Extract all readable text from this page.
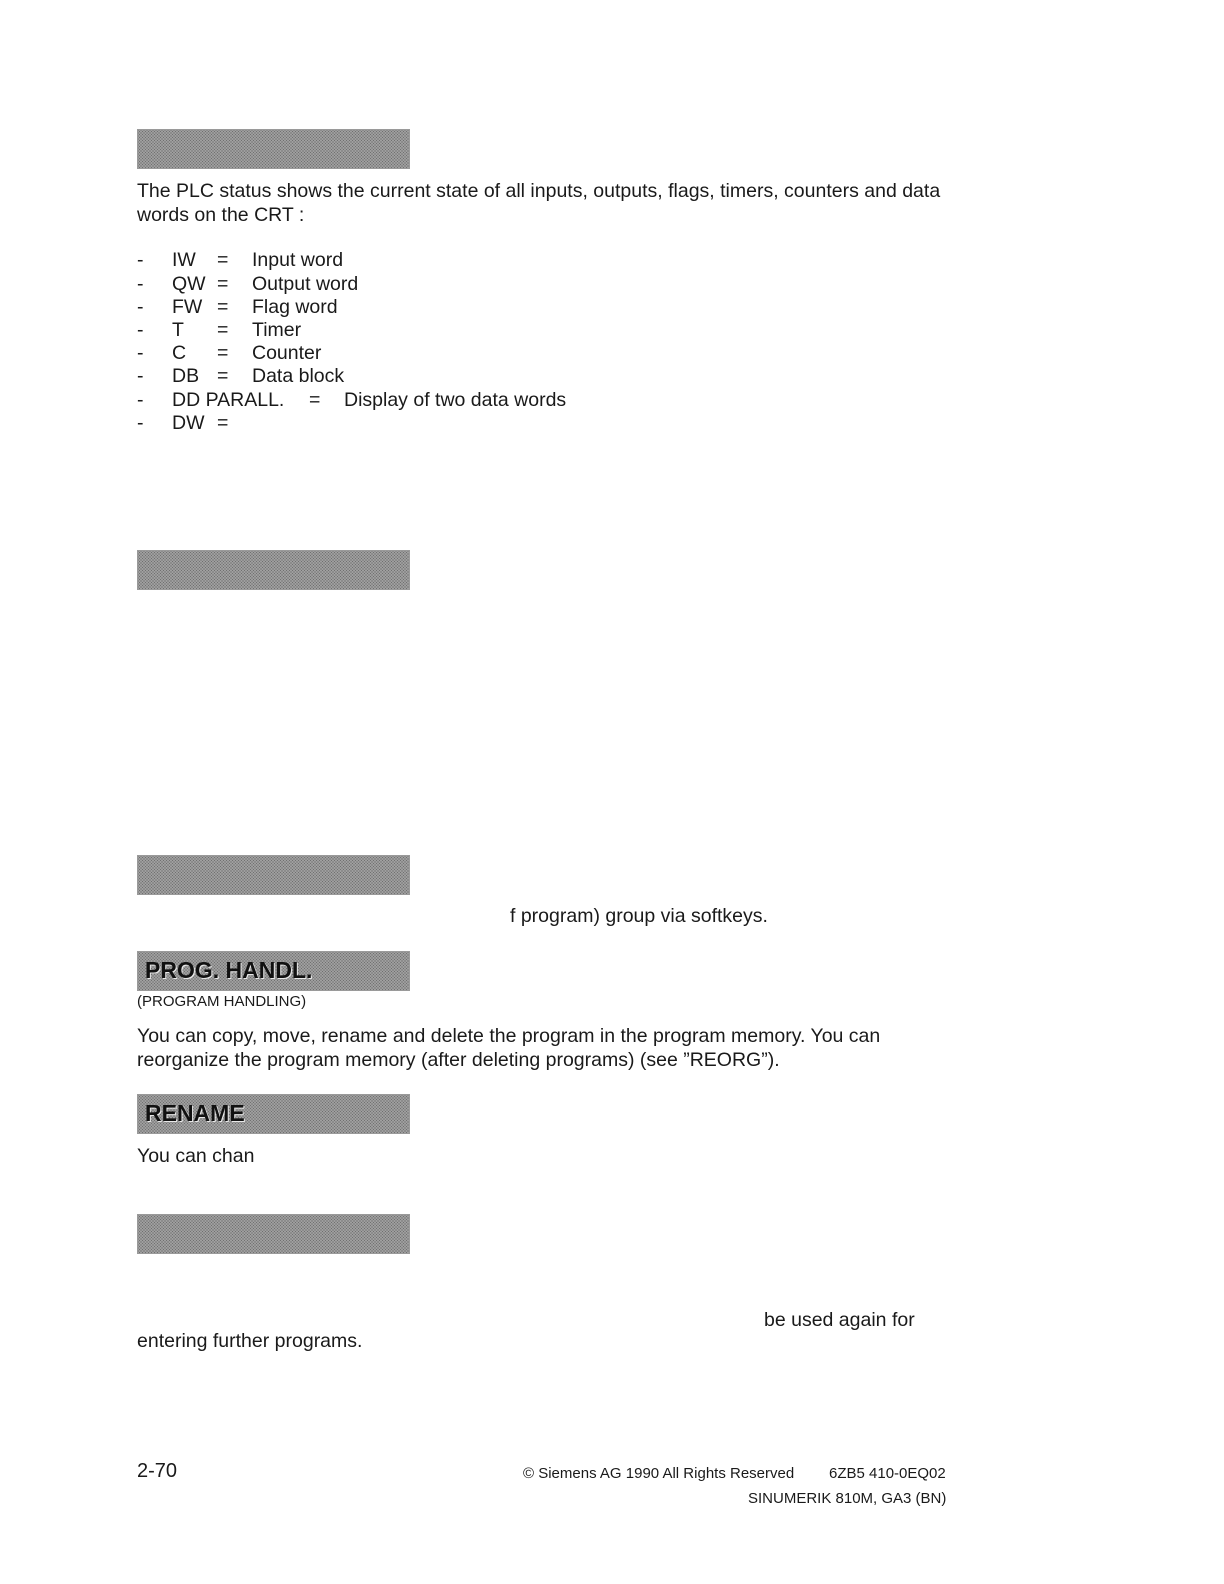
The PLC status shows the current state of all inputs, outputs, flags, timers, counters and data
words on the CRT :
- IW = Input word
- QW = Output word
- FW = Flag word
- T = Timer
- C = Counter
- DB = Data block
- DD PARALL. = Display of two data words
- DW =
f program) group via softkeys.
PROG. HANDL.
(PROGRAM HANDLING)
You can copy, move, rename and delete the program in the program memory. You can
reorganize the program memory (after deleting programs) (see ”REORG”).
RENAME
You can chan
be used again for
entering further programs.
2-70	© Siemens AG 1990 All Rights Reserved 6ZB5 410-0EQ02
SINUMERIK 810M, GA3 (BN)
